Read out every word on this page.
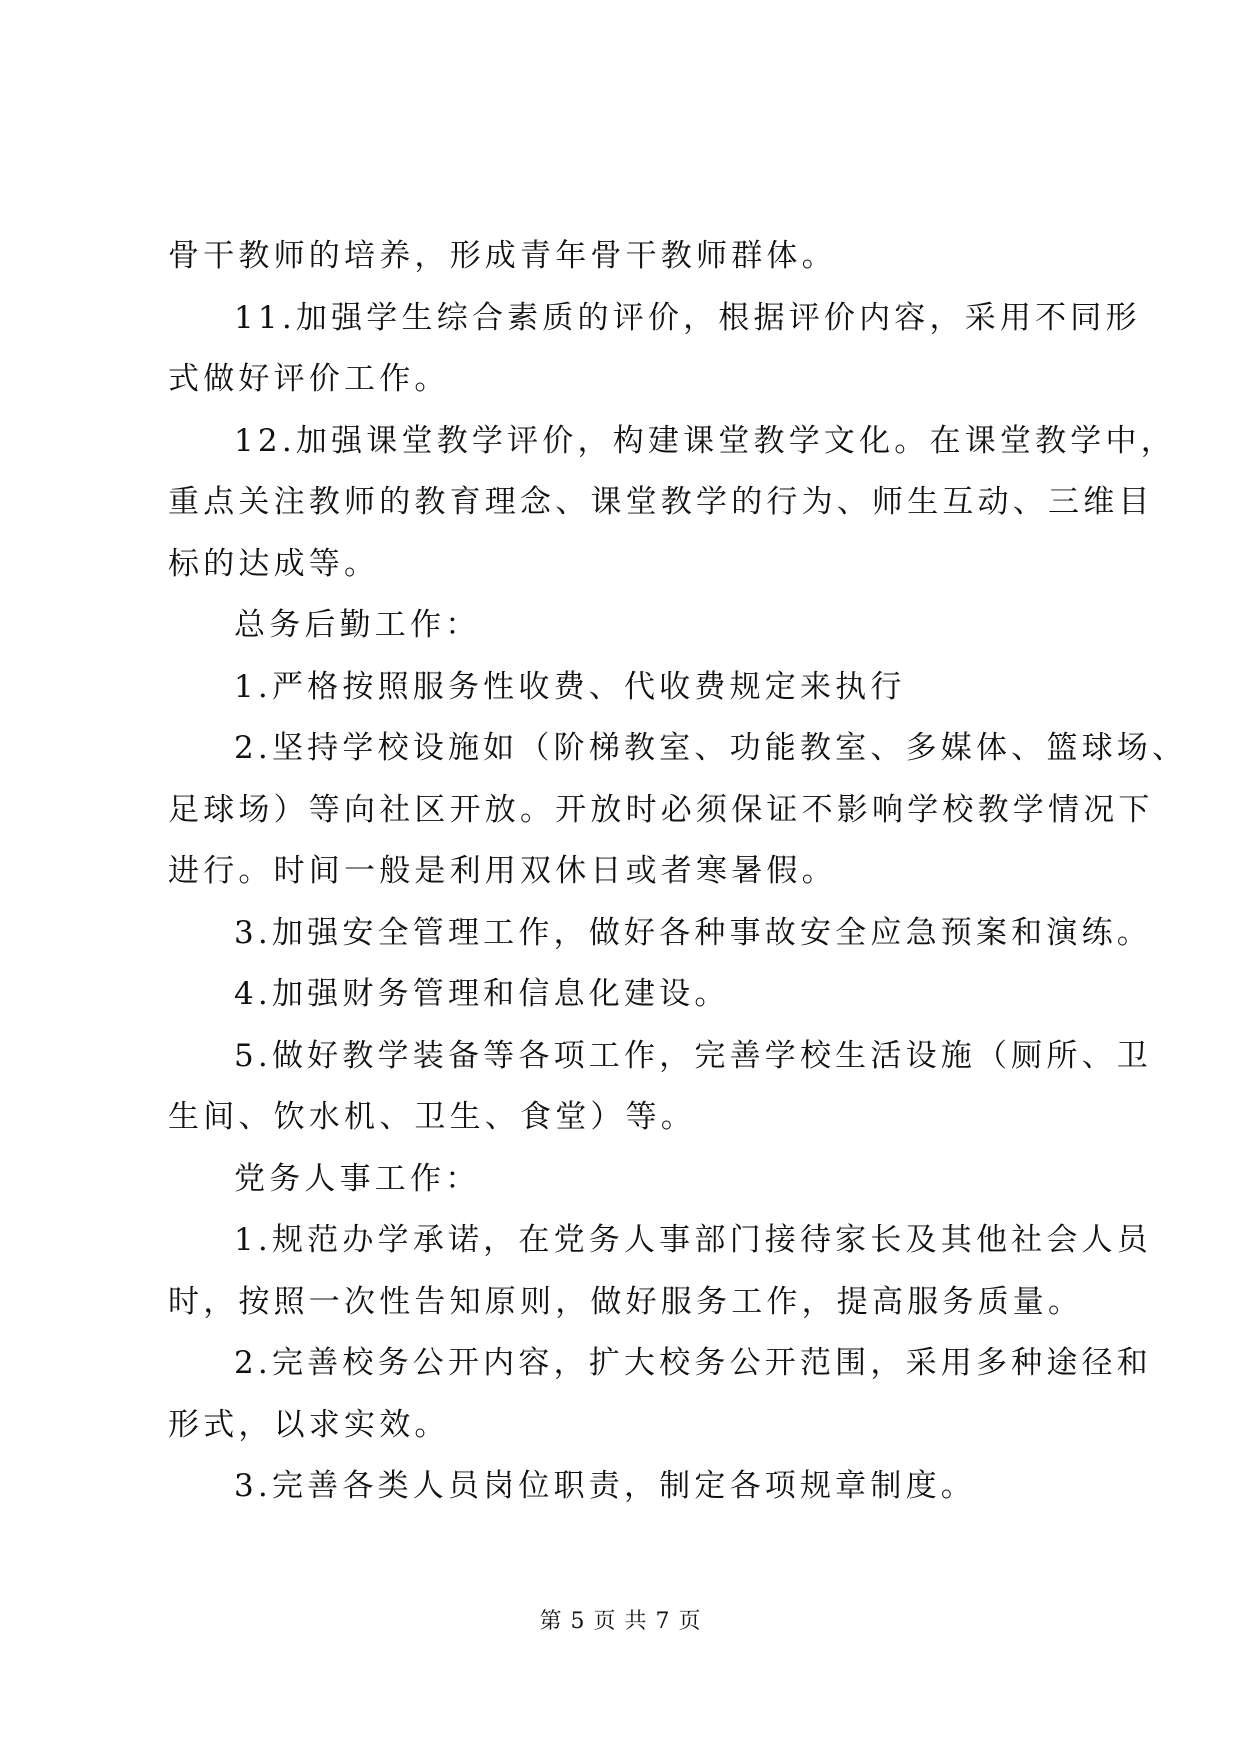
骨干教师的培养，形成青年骨干教师群体。
11.加强学生综合素质的评价，根据评价内容，采用不同形
式做好评价工作。
12.加强课堂教学评价，构建课堂教学文化。在课堂教学中，
重点关注教师的教育理念、课堂教学的行为、师生互动、三维目
标的达成等。
总务后勤工作：
1.严格按照服务性收费、代收费规定来执行
2.坚持学校设施如（阶梯教室、功能教室、多媒体、篮球场、
足球场）等向社区开放。开放时必须保证不影响学校教学情况下
进行。时间一般是利用双休日或者寒暑假。
3.加强安全管理工作，做好各种事故安全应急预案和演练。
4.加强财务管理和信息化建设。
5.做好教学装备等各项工作，完善学校生活设施（厕所、卫
生间、饮水机、卫生、食堂）等。
党务人事工作：
1.规范办学承诺，在党务人事部门接待家长及其他社会人员
时，按照一次性告知原则，做好服务工作，提高服务质量。
2.完善校务公开内容，扩大校务公开范围，采用多种途径和
形式，以求实效。
3.完善各类人员岗位职责，制定各项规章制度。
第 5 页 共 7 页
